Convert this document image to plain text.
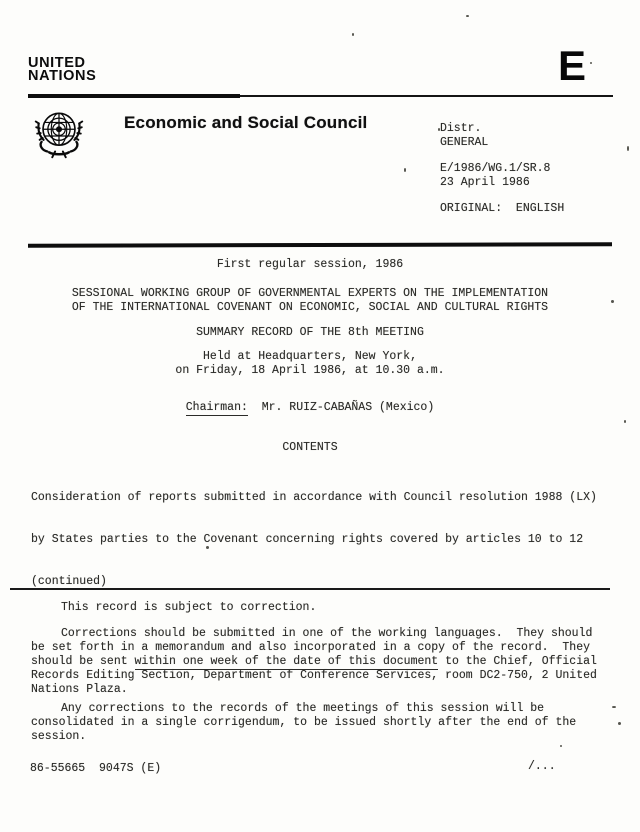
UNITED
NATIONS	E
Economic and Social Council	Distr.
GENERAL
E/1986/WG.1/SR.8
23 April 1986
ORIGINAL:  ENGLISH
First regular session, 1986
SESSIONAL WORKING GROUP OF GOVERNMENTAL EXPERTS ON THE IMPLEMENTATION
OF THE INTERNATIONAL COVENANT ON ECONOMIC, SOCIAL AND CULTURAL RIGHTS
SUMMARY RECORD OF THE 8th MEETING
Held at Headquarters, New York,
on Friday, 18 April 1986, at 10.30 a.m.
Chairman:  Mr. RUIZ-CABAÑAS (Mexico)
CONTENTS

Consideration of reports submitted in accordance with Council resolution 1988 (LX)

by States parties to the Covenant concerning rights covered by articles 10 to 12

(continued)

This record is subject to correction.
Corrections should be submitted in one of the working languages.  They should
be set forth in a memorandum and also incorporated in a copy of the record.  They
should be sent within one week of the date of this document to the Chief, Official
Records Editing Section, Department of Conference Services, room DC2-750, 2 United
Nations Plaza.
Any corrections to the records of the meetings of this session will be
consolidated in a single corrigendum, to be issued shortly after the end of the
session.
86-55665  9047S (E)	/...
